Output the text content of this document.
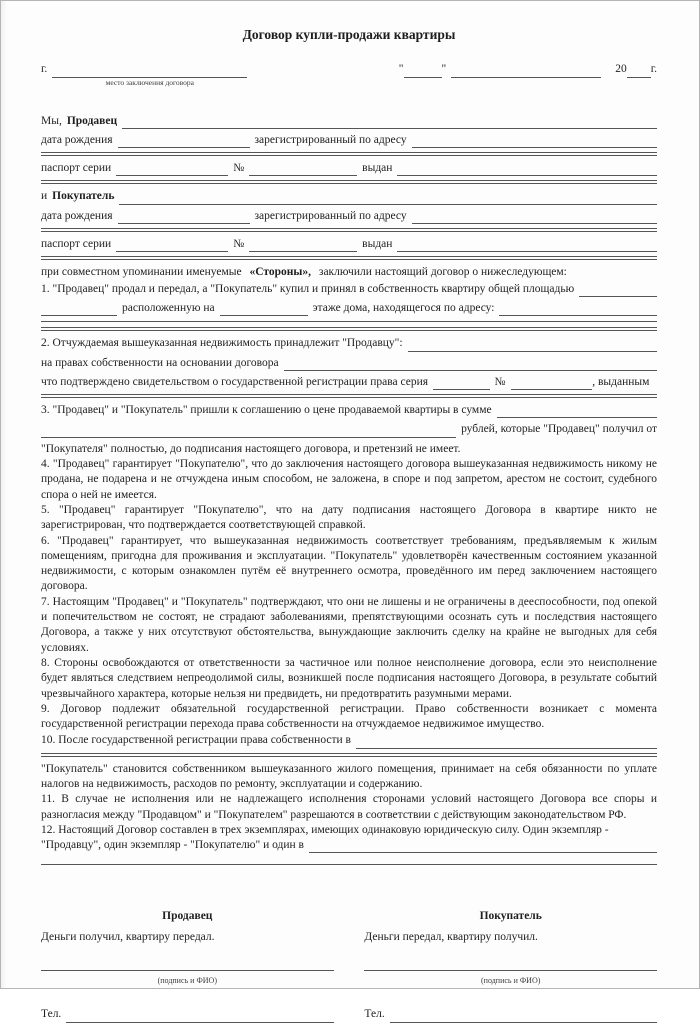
Договор купли-продажи квартиры
г.
место заключения договора
"	"	20 г.
Мы, Продавец
дата рождения	зарегистрированный по адресу
паспорт серии	№	выдан
и Покупатель
дата рождения	зарегистрированный по адресу
паспорт серии	№	выдан
при совместном упоминании именуемые «Стороны», заключили настоящий договор о нижеследующем:
1. "Продавец" продал и передал, а "Покупатель" купил и принял в собственность квартиру общей площадью
расположенную на	этаже дома, находящегося по адресу:
2. Отчуждаемая вышеуказанная недвижимость принадлежит "Продавцу":
на правах собственности на основании договора
что подтверждено свидетельством о государственной регистрации права серия	№	, выданным
3. "Продавец" и "Покупатель" пришли к соглашению о цене продаваемой квартиры в сумме
рублей, которые "Продавец" получил от

"Покупателя" полностью, до подписания настоящего договора, и претензий не имеет.

4. "Продавец" гарантирует "Покупателю", что до заключения настоящего договора вышеуказанная недвижимость никому не продана, не подарена и не отчуждена иным способом, не заложена, в споре и под запретом, арестом не состоит, судебного спора о ней не имеется.

5. "Продавец" гарантирует "Покупателю", что на дату подписания настоящего Договора в квартире никто не зарегистрирован, что подтверждается соответствующей справкой.

6. "Продавец" гарантирует, что вышеуказанная недвижимость соответствует требованиям, предъявляемым к жилым помещениям, пригодна для проживания и эксплуатации. "Покупатель" удовлетворён качественным состоянием указанной недвижимости, с которым ознакомлен путём её внутреннего осмотра, проведённого им перед заключением настоящего договора.

7. Настоящим "Продавец" и "Покупатель" подтверждают, что они не лишены и не ограничены в дееспособности, под опекой и попечительством не состоят, не страдают заболеваниями, препятствующими осознать суть и последствия настоящего Договора, а также у них отсутствуют обстоятельства, вынуждающие заключить сделку на крайне не выгодных для себя условиях.

8. Стороны освобождаются от ответственности за частичное или полное неисполнение договора, если это неисполнение будет являться следствием непреодолимой силы, возникшей после подписания настоящего Договора, в результате событий чрезвычайного характера, которые нельзя ни предвидеть, ни предотвратить разумными мерами.

9. Договор подлежит обязательной государственной регистрации. Право собственности возникает с момента государственной регистрации перехода права собственности на отчуждаемое недвижимое имущество.

10. После государственной регистрации права собственности в

"Покупатель" становится собственником вышеуказанного жилого помещения, принимает на себя обязанности по уплате налогов на недвижимость, расходов по ремонту, эксплуатации и содержанию.

11. В случае не исполнения или не надлежащего исполнения сторонами условий настоящего Договора все споры и разногласия между "Продавцом" и "Покупателем" разрешаются в соответствии с действующим законодательством РФ.

12. Настоящий Договор составлен в трех экземплярах, имеющих одинаковую юридическую силу. Один экземпляр -

"Продавцу", один экземпляр - "Покупателю" и один в
Продавец
Деньги получил, квартиру передал.
(подпись и ФИО)
Тел.
Покупатель
Деньги передал, квартиру получил.
(подпись и ФИО)
Тел.
